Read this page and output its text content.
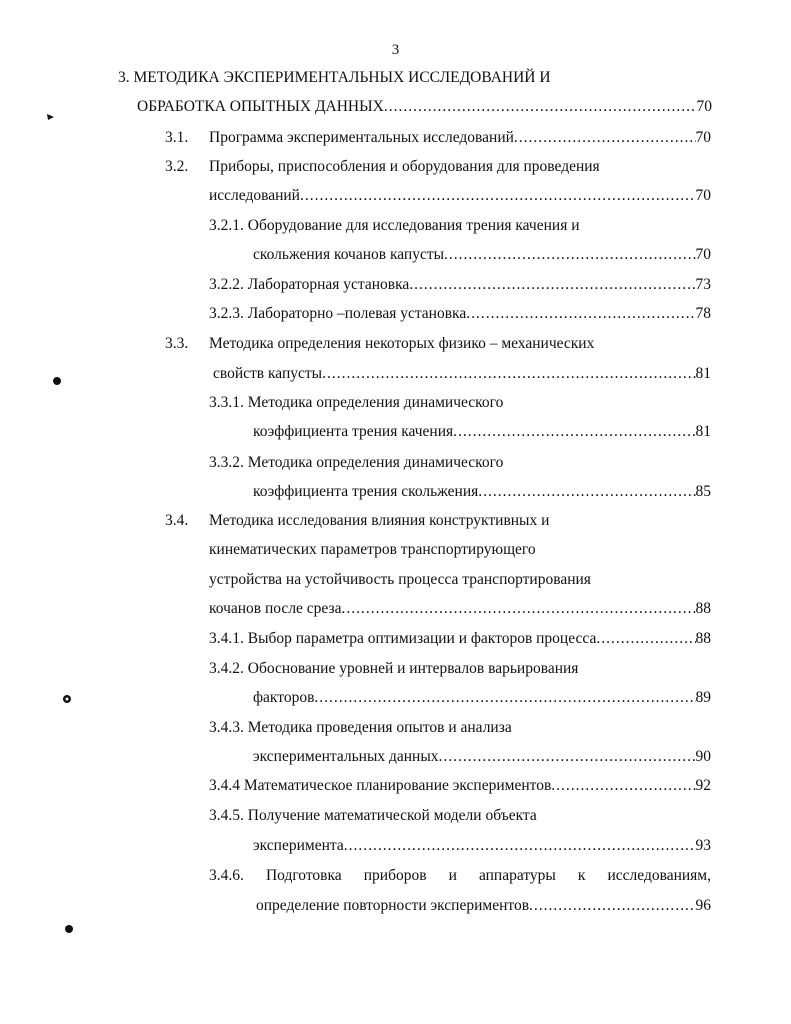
3
3. МЕТОДИКА ЭКСПЕРИМЕНТАЛЬНЫХ ИССЛЕДОВАНИЙ И
ОБРАБОТКА ОПЫТНЫХ ДАННЫХ .....	70
3.1. Программа экспериментальных исследований .....	70
3.2. Приборы, приспособления и оборудования для проведения
исследований .....	70
3.2.1. Оборудование для исследования трения качения и
скольжения кочанов капусты .....	70
3.2.2. Лабораторная установка .....	73
3.2.3. Лабораторно –полевая установка .....	78
3.3. Методика определения некоторых физико – механических
свойств капусты .....	81
3.3.1. Методика определения динамического
коэффициента трения качения .....	81
3.3.2. Методика определения динамического
коэффициента трения скольжения .....	85
3.4. Методика исследования влияния конструктивных и
кинематических параметров транспортирующего
устройства на устойчивость процесса транспортирования
кочанов после среза .....	88
3.4.1. Выбор параметра оптимизации и факторов процесса .....	88
3.4.2. Обоснование уровней и интервалов варьирования
факторов .....	89
3.4.3. Методика проведения опытов и анализа
экспериментальных данных .....	90
3.4.4 Математическое планирование экспериментов .....	92
3.4.5. Получение математической модели объекта
эксперимента .....	93
3.4.6. Подготовка приборов и аппаратуры к исследованиям,
определение повторности экспериментов .....	96
